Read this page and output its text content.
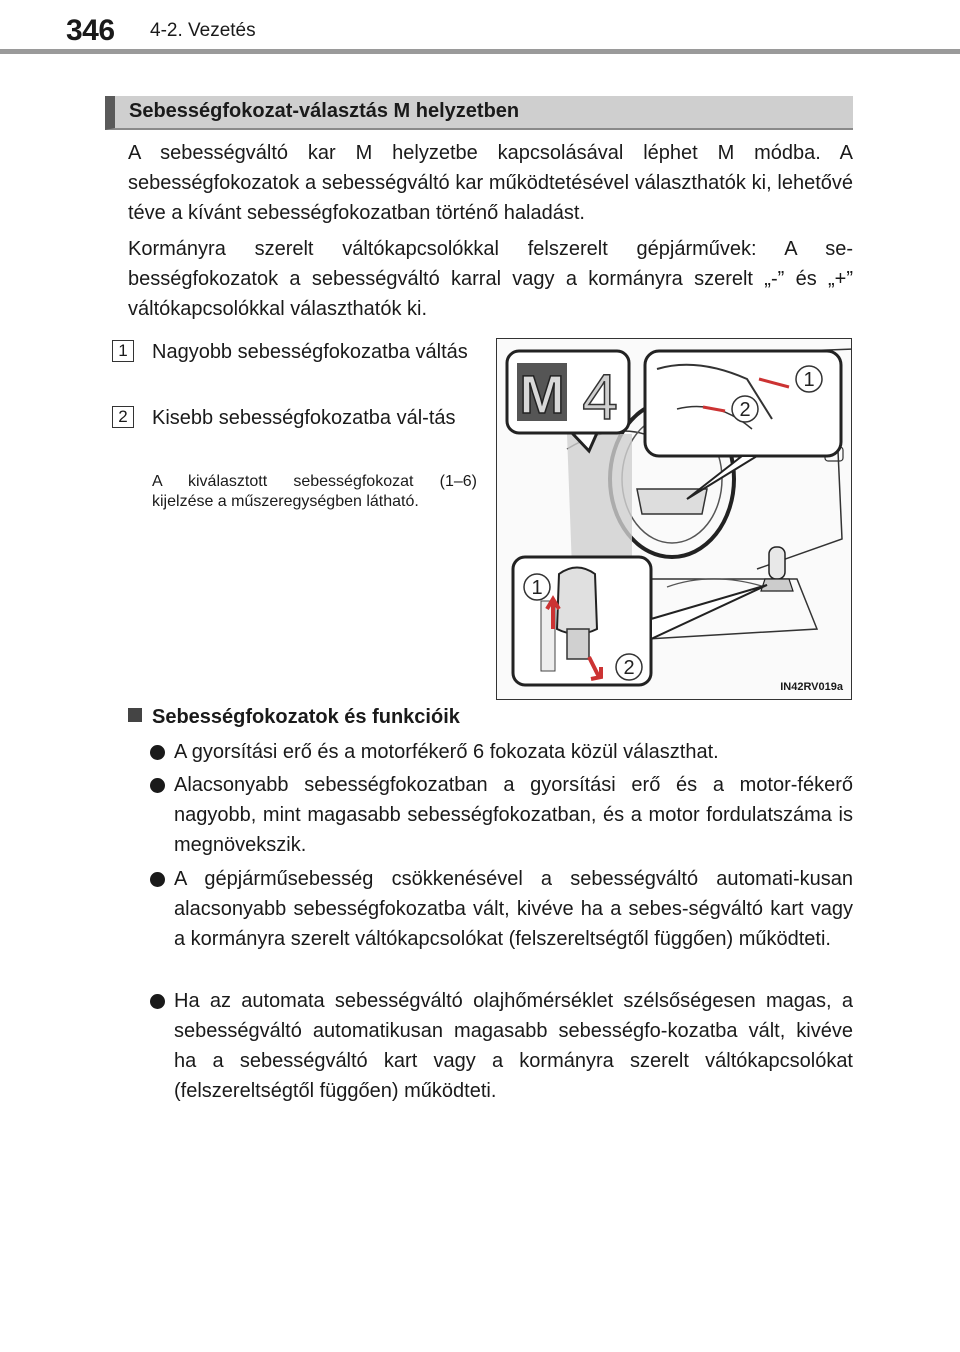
346 4-2. Vezetés
Sebességfokozat-választás M helyzetben

A sebességváltó kar M helyzetbe kapcsolásával léphet M módba. A sebességfokozatok a sebességváltó kar működtetésével választhatók ki, lehetővé téve a kívánt sebességfokozatban történő haladást.

Kormányra szerelt váltókapcsolókkal felszerelt gépjárművek: A se-bességfokozatok a sebességváltó karral vagy a kormányra szerelt „-” és „+” váltókapcsolókkal választhatók ki.

1	Nagyobb sebességfokozatba váltás
2	Kisebb sebességfokozatba vál-tás

A kiválasztott sebességfokozat (1–6) kijelzése a műszeregységben látható.

M 4	1
2
1
2
IN42RV019a
Sebességfokozatok és funkcióik

A gyorsítási erő és a motorfékerő 6 fokozata közül választhat.

Alacsonyabb sebességfokozatban a gyorsítási erő és a motor-fékerő nagyobb, mint magasabb sebességfokozatban, és a motor fordulatszáma is megnövekszik.

A gépjárműsebesség csökkenésével a sebességváltó automati-kusan alacsonyabb sebességfokozatba vált, kivéve ha a sebes-ségváltó kart vagy a kormányra szerelt váltókapcsolókat (felszereltségtől függően) működteti.

Ha az automata sebességváltó olajhőmérséklet szélsőségesen magas, a sebességváltó automatikusan magasabb sebességfo-kozatba vált, kivéve ha a sebességváltó kart vagy a kormányra szerelt váltókapcsolókat (felszereltségtől függően) működteti.
